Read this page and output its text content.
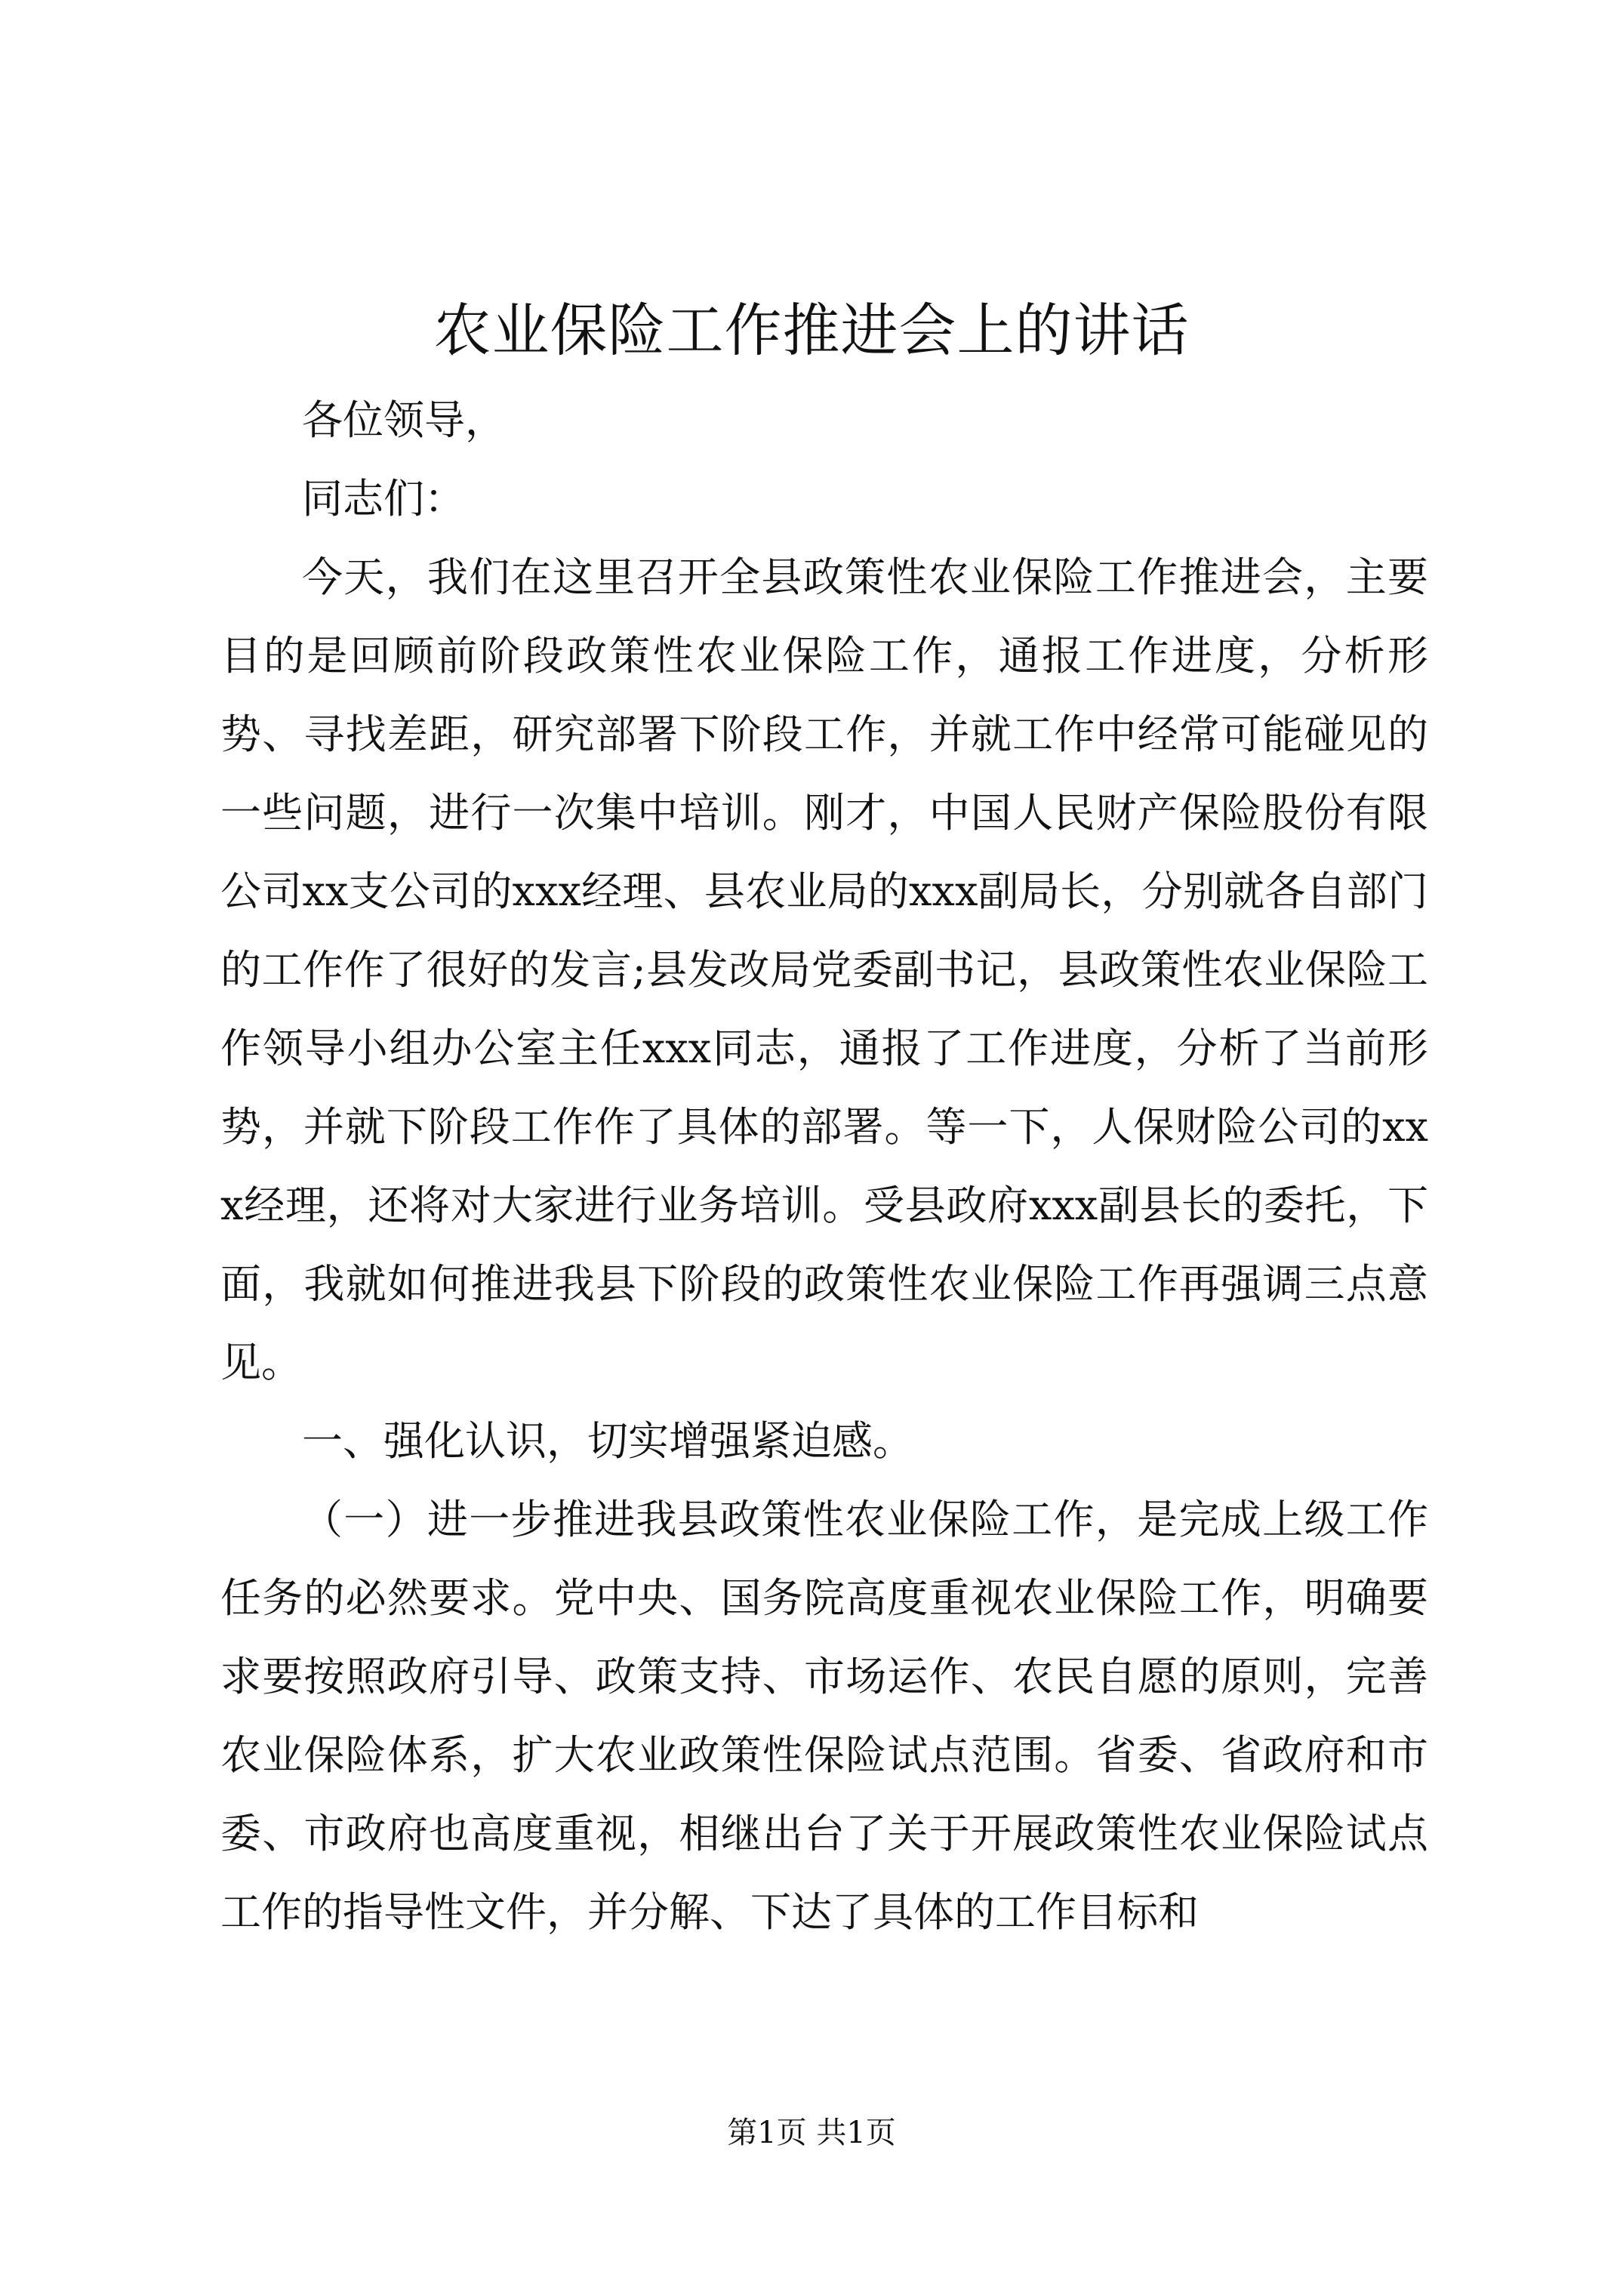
农业保险工作推进会上的讲话

各位领导，

同志们：

今天，我们在这里召开全县政策性农业保险工作推进会，主要目的是回顾前阶段政策性农业保险工作，通报工作进度，分析形势、寻找差距，研究部署下阶段工作，并就工作中经常可能碰见的一些问题，进行一次集中培训。刚才，中国人民财产保险股份有限公司xx支公司的xxx经理、县农业局的xxx副局长，分别就各自部门的工作作了很好的发言;县发改局党委副书记，县政策性农业保险工作领导小组办公室主任xxx同志，通报了工作进度，分析了当前形势，并就下阶段工作作了具体的部署。等一下，人保财险公司的xxx经理，还将对大家进行业务培训。受县政府xxx副县长的委托，下面，我就如何推进我县下阶段的政策性农业保险工作再强调三点意见。

一、强化认识，切实增强紧迫感。

（一）进一步推进我县政策性农业保险工作，是完成上级工作任务的必然要求。党中央、国务院高度重视农业保险工作，明确要求要按照政府引导、政策支持、市场运作、农民自愿的原则，完善农业保险体系，扩大农业政策性保险试点范围。省委、省政府和市委、市政府也高度重视，相继出台了关于开展政策性农业保险试点工作的指导性文件，并分解、下达了具体的工作目标和

第1页 共1页
